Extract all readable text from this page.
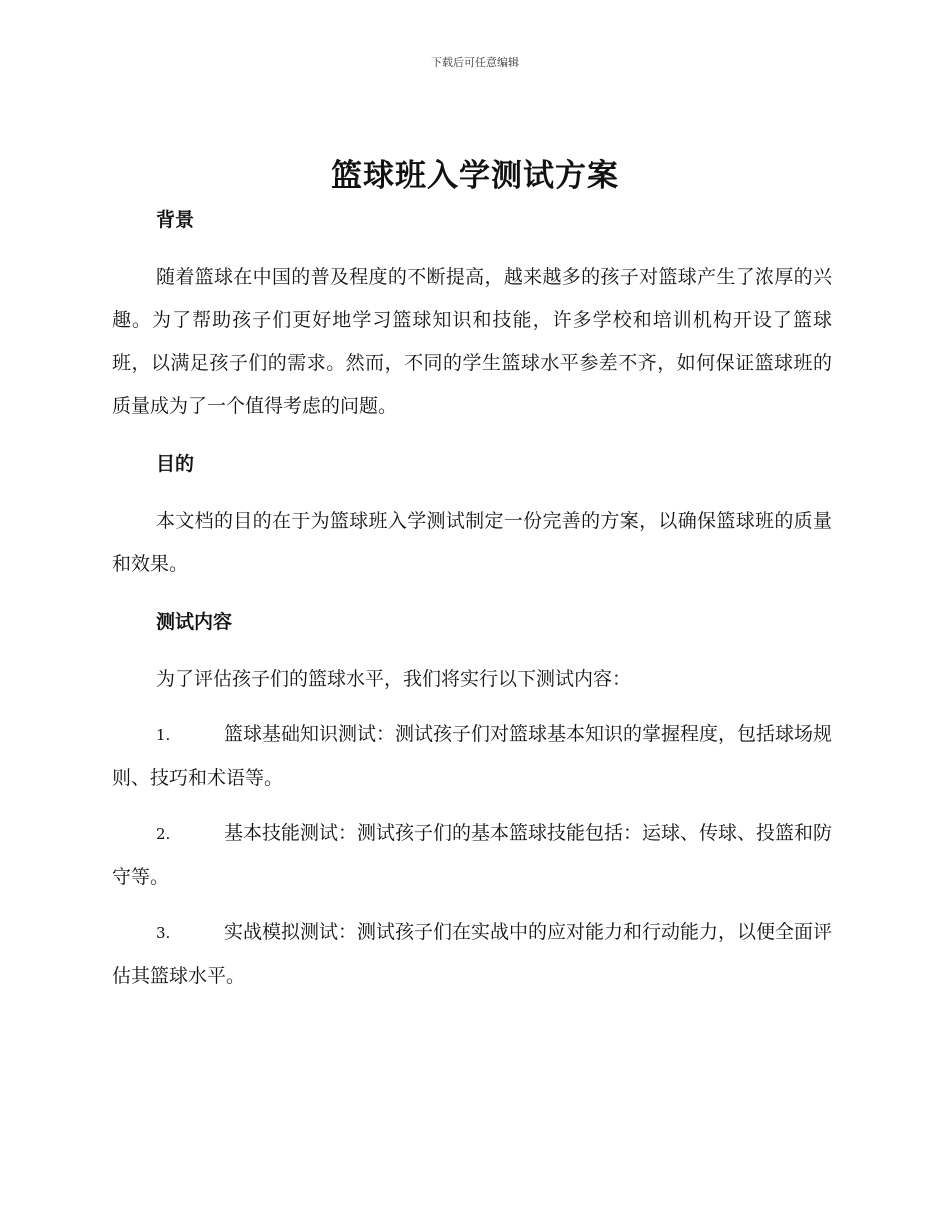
下载后可任意编辑
篮球班入学测试方案
背景

随着篮球在中国的普及程度的不断提高，越来越多的孩子对篮球产生了浓厚的兴趣。为了帮助孩子们更好地学习篮球知识和技能，许多学校和培训机构开设了篮球班，以满足孩子们的需求。然而，不同的学生篮球水平参差不齐，如何保证篮球班的质量成为了一个值得考虑的问题。

目的

本文档的目的在于为篮球班入学测试制定一份完善的方案，以确保篮球班的质量和效果。

测试内容

为了评估孩子们的篮球水平，我们将实行以下测试内容：

1.	篮球基础知识测试：测试孩子们对篮球基本知识的掌握程度，包括球场规则、技巧和术语等。

2.	基本技能测试：测试孩子们的基本篮球技能包括：运球、传球、投篮和防守等。

3.	实战模拟测试：测试孩子们在实战中的应对能力和行动能力，以便全面评估其篮球水平。
